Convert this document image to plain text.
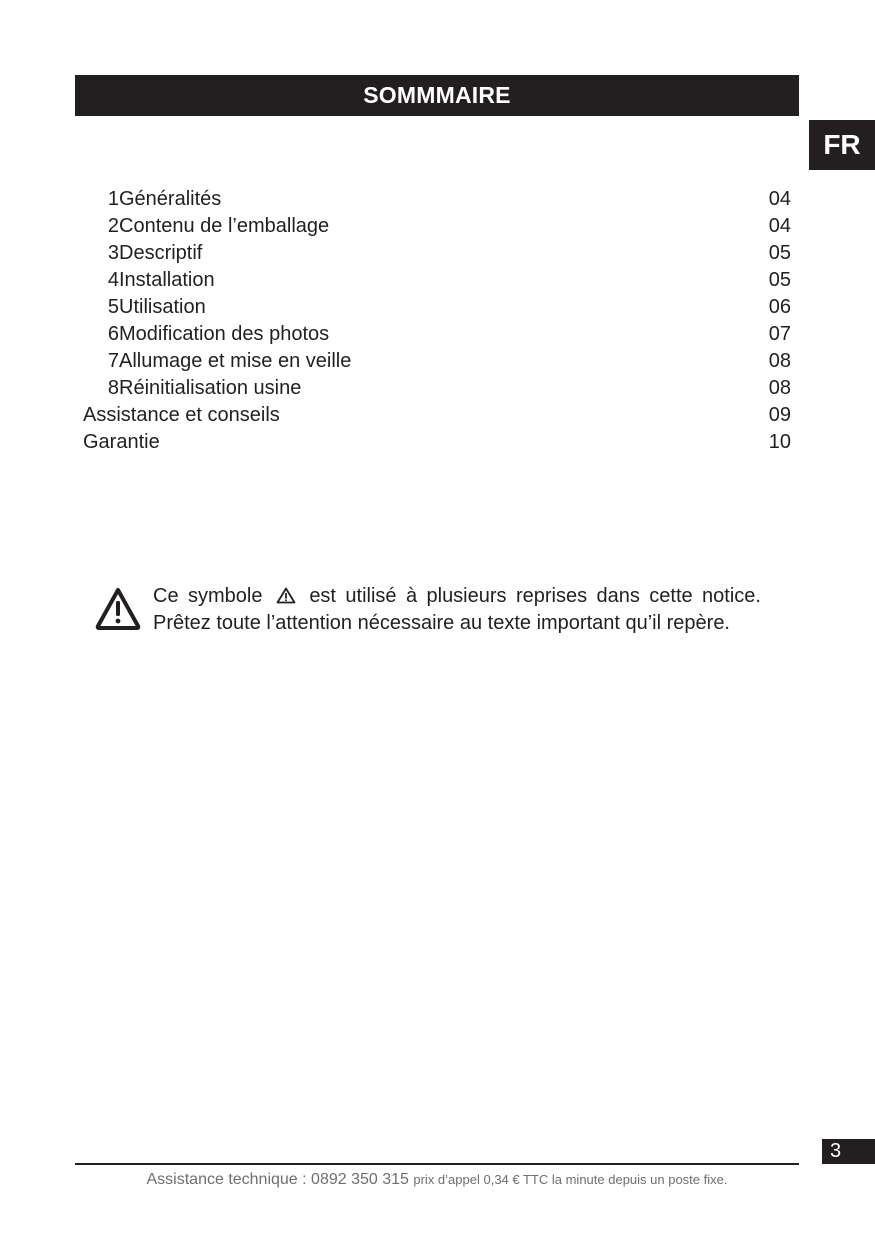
SOMMMAIRE
FR
1 Généralités	04
2 Contenu de l’emballage	04
3 Descriptif	05
4 Installation	05
5 Utilisation	06
6 Modification des photos	07
7 Allumage et mise en veille	08
8 Réinitialisation usine	08
Assistance et conseils	09
Garantie	10
Ce symbole est utilisé à plusieurs reprises dans cette notice. Prêtez toute l’attention nécessaire au texte important qu’il repère.
3
Assistance technique : 0892 350 315 prix d’appel 0,34 € TTC la minute depuis un poste fixe.
